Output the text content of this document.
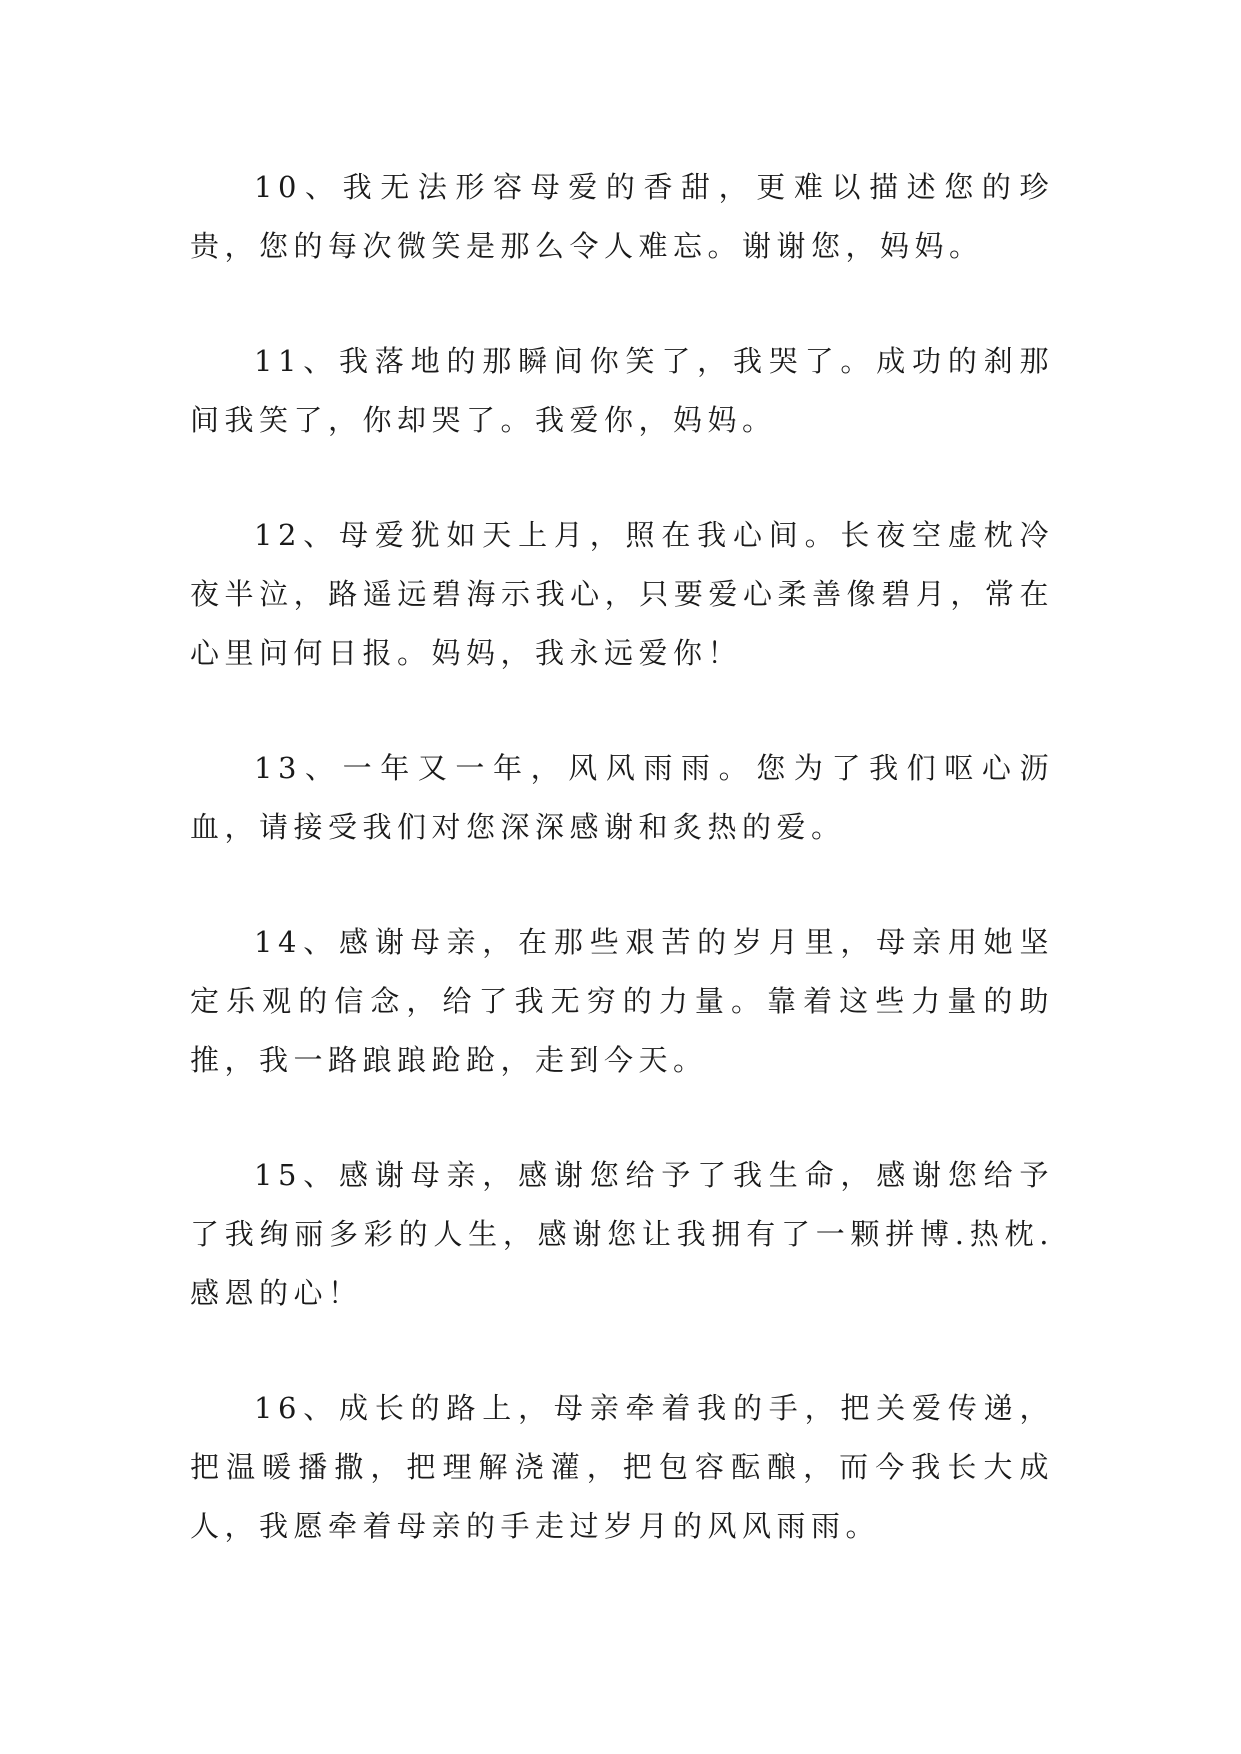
10、我无法形容母爱的香甜，更难以描述您的珍贵，您的每次微笑是那么令人难忘。谢谢您，妈妈。

11、我落地的那瞬间你笑了，我哭了。成功的刹那间我笑了，你却哭了。我爱你，妈妈。

12、母爱犹如天上月，照在我心间。长夜空虚枕冷夜半泣，路遥远碧海示我心，只要爱心柔善像碧月，常在心里问何日报。妈妈，我永远爱你！

13、一年又一年，风风雨雨。您为了我们呕心沥血，请接受我们对您深深感谢和炙热的爱。

14、感谢母亲，在那些艰苦的岁月里，母亲用她坚定乐观的信念，给了我无穷的力量。靠着这些力量的助推，我一路踉踉跄跄，走到今天。

15、感谢母亲，感谢您给予了我生命，感谢您给予了我绚丽多彩的人生，感谢您让我拥有了一颗拼博.热枕.感恩的心！

16、成长的路上，母亲牵着我的手，把关爱传递，把温暖播撒，把理解浇灌，把包容酝酿，而今我长大成人，我愿牵着母亲的手走过岁月的风风雨雨。
